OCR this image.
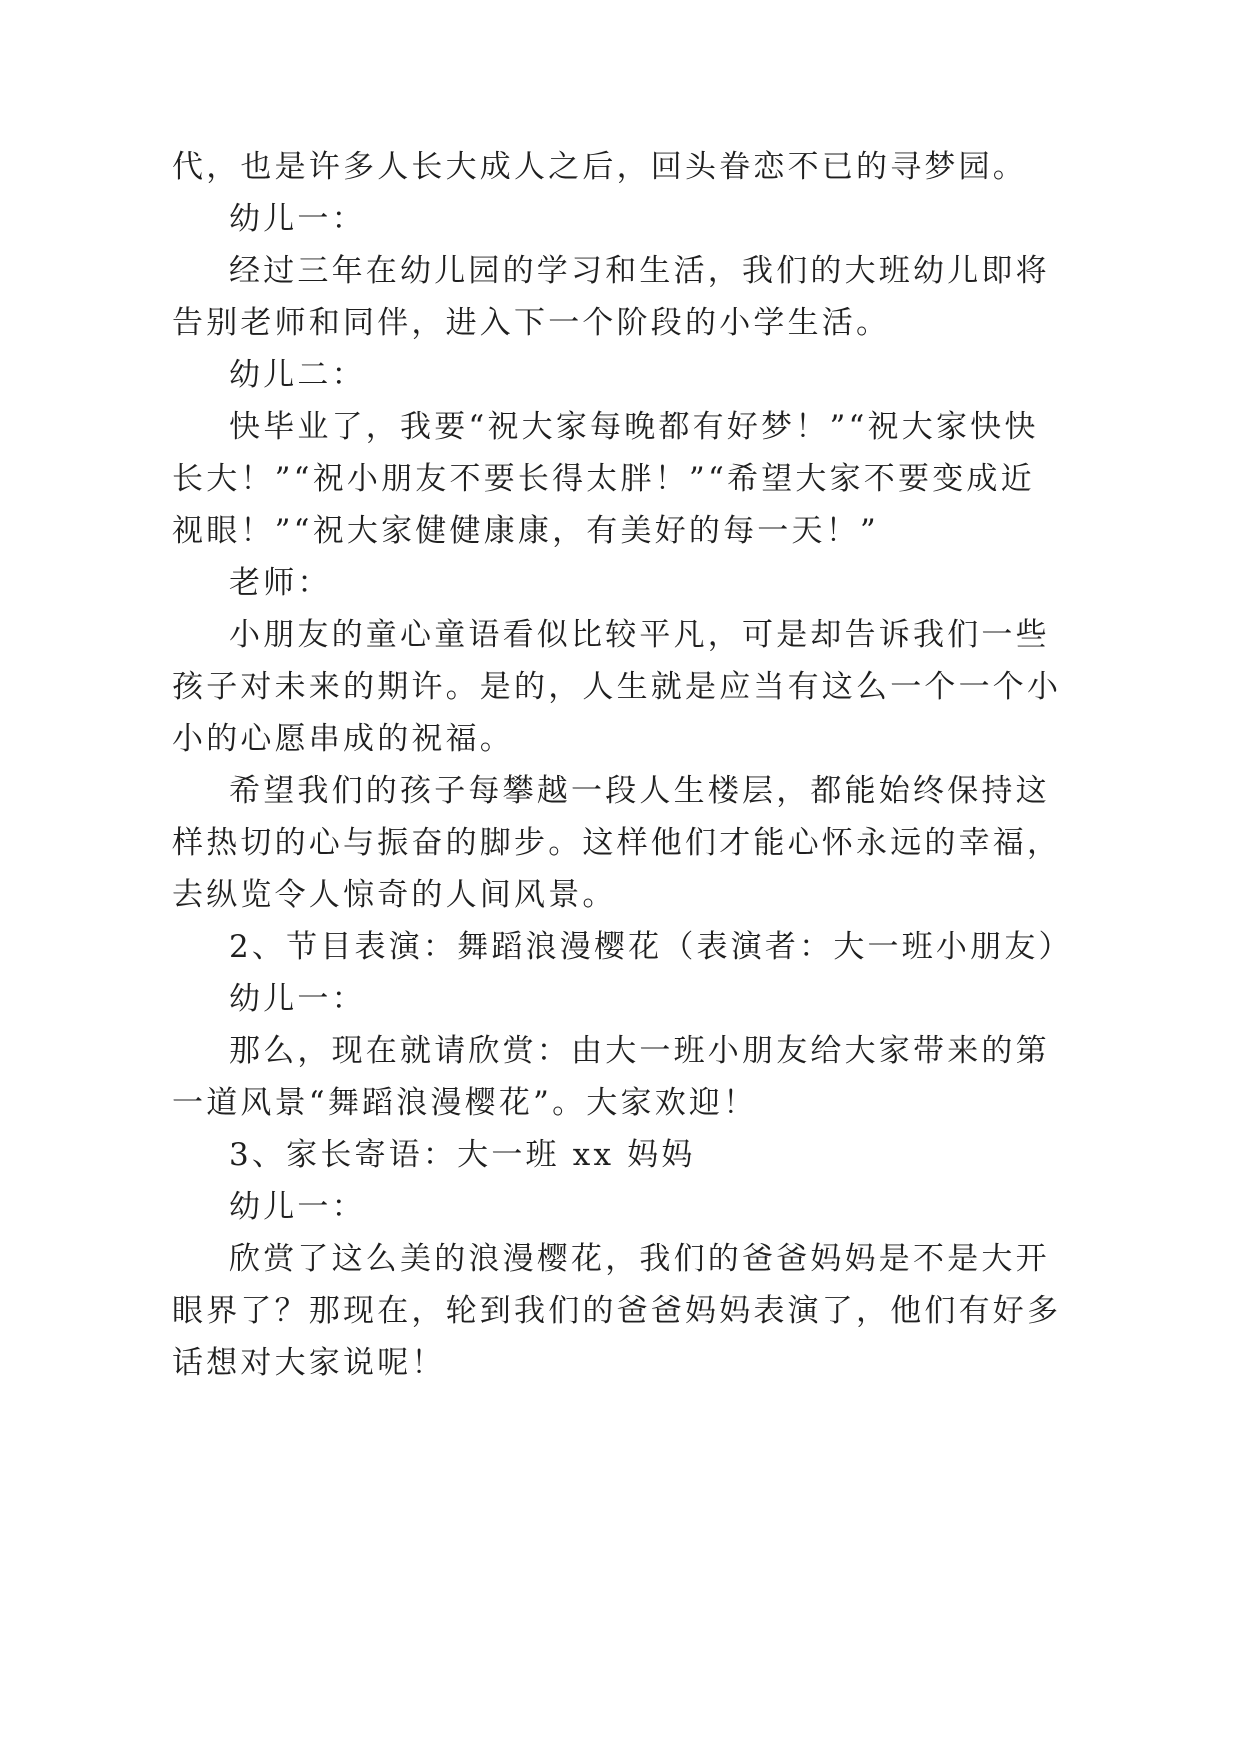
代，也是许多人长大成人之后，回头眷恋不已的寻梦园。
幼儿一：
经过三年在幼儿园的学习和生活，我们的大班幼儿即将
告别老师和同伴，进入下一个阶段的小学生活。
幼儿二：
快毕业了，我要“祝大家每晚都有好梦！”“祝大家快快
长大！”“祝小朋友不要长得太胖！”“希望大家不要变成近
视眼！”“祝大家健健康康，有美好的每一天！”
老师：
小朋友的童心童语看似比较平凡，可是却告诉我们一些
孩子对未来的期许。是的，人生就是应当有这么一个一个小
小的心愿串成的祝福。
希望我们的孩子每攀越一段人生楼层，都能始终保持这
样热切的心与振奋的脚步。这样他们才能心怀永远的幸福，
去纵览令人惊奇的人间风景。
2、节目表演：舞蹈浪漫樱花（表演者：大一班小朋友）
幼儿一：
那么，现在就请欣赏：由大一班小朋友给大家带来的第
一道风景“舞蹈浪漫樱花”。大家欢迎！
3、家长寄语：大一班 xx 妈妈
幼儿一：
欣赏了这么美的浪漫樱花，我们的爸爸妈妈是不是大开
眼界了？那现在，轮到我们的爸爸妈妈表演了，他们有好多
话想对大家说呢！
